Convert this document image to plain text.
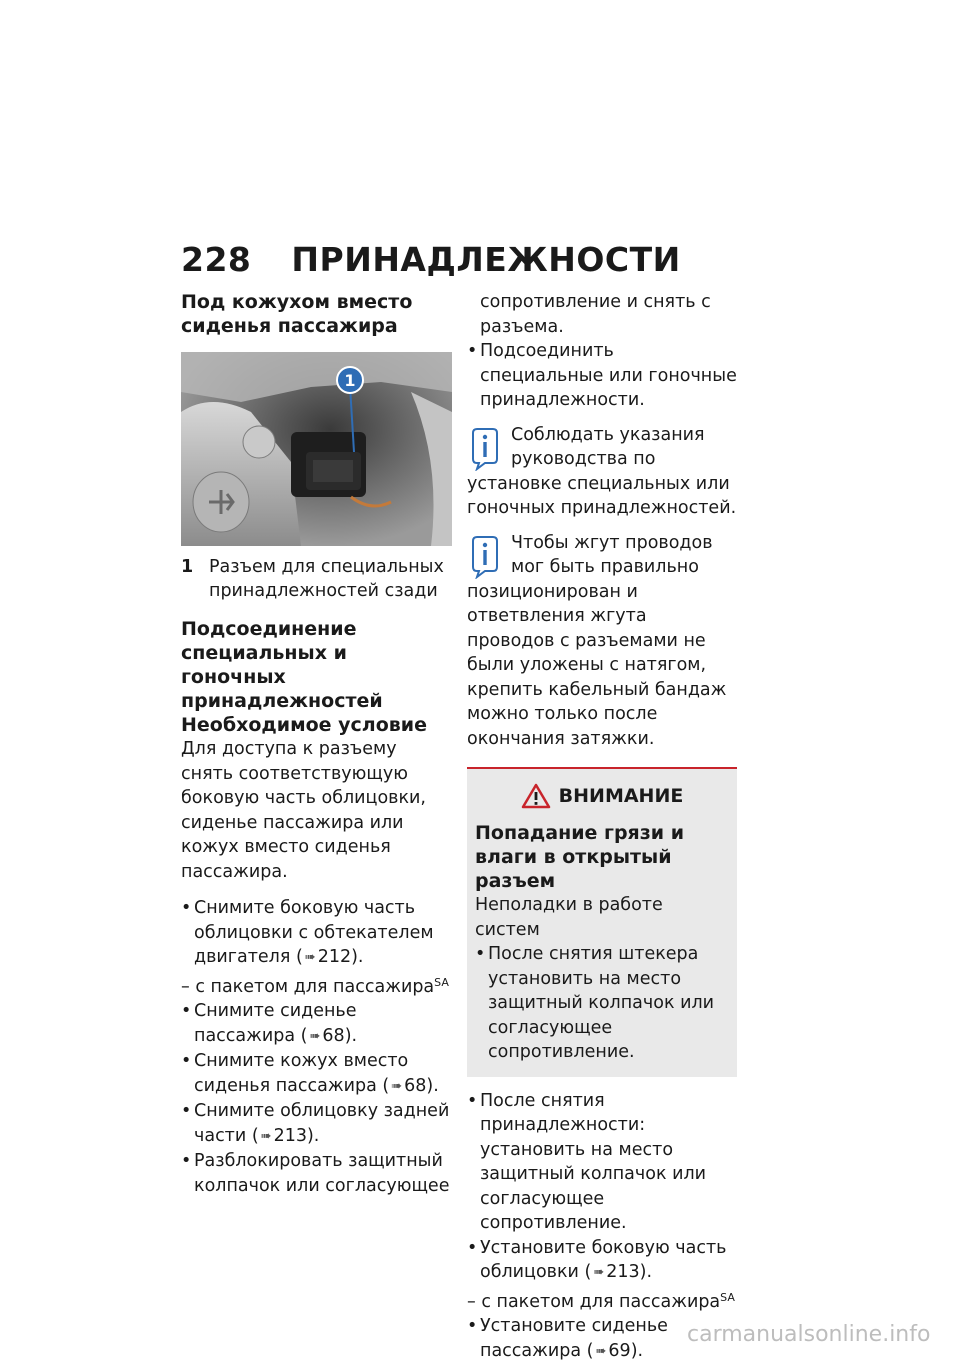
228 ПРИНАДЛЕЖНОСТИ
Под кожухом вместо сиденья пассажира
1
1 Разъем для специальных принадлежностей сзади
Подсоединение специальных и гоночных принадлежностей
Необходимое условие

Для доступа к разъему снять соответствующую боковую часть облицовки, сиденье пассажира или кожух вместо сиденья пассажира.

• Снимите боковую часть облицовки с обтекателем двигателя ( ➠ 212).
– с пакетом для пассажира$^{SA}$
• Снимите сиденье пассажира ( ➠ 68).
• Снимите кожух вместо сиденья пассажира ( ➠ 68).
• Снимите облицовку задней части ( ➠ 213).
• Разблокировать защитный колпачок или согласующее

сопротивление и снять с разъема.

• Подсоединить специальные или гоночные принадлежности.
Соблюдать указания руководства по установке специальных или гоночных принадлежностей.
Чтобы жгут проводов мог быть правильно позиционирован и ответвления жгута проводов с разъемами не были уложены с натягом, крепить кабельный бандаж можно только после окончания затяжки.
ВНИМАНИЕ
Попадание грязи и влаги в открытый разъем

Неполадки в работе систем

• После снятия штекера установить на место защитный колпачок или согласующее сопротивление.
• После снятия принадлежности: установить на место защитный колпачок или согласующее сопротивление.
• Установите боковую часть облицовки ( ➠ 213).
– с пакетом для пассажира$^{SA}$
• Установите сиденье пассажира ( ➠ 69).
carmanualsonline.info
